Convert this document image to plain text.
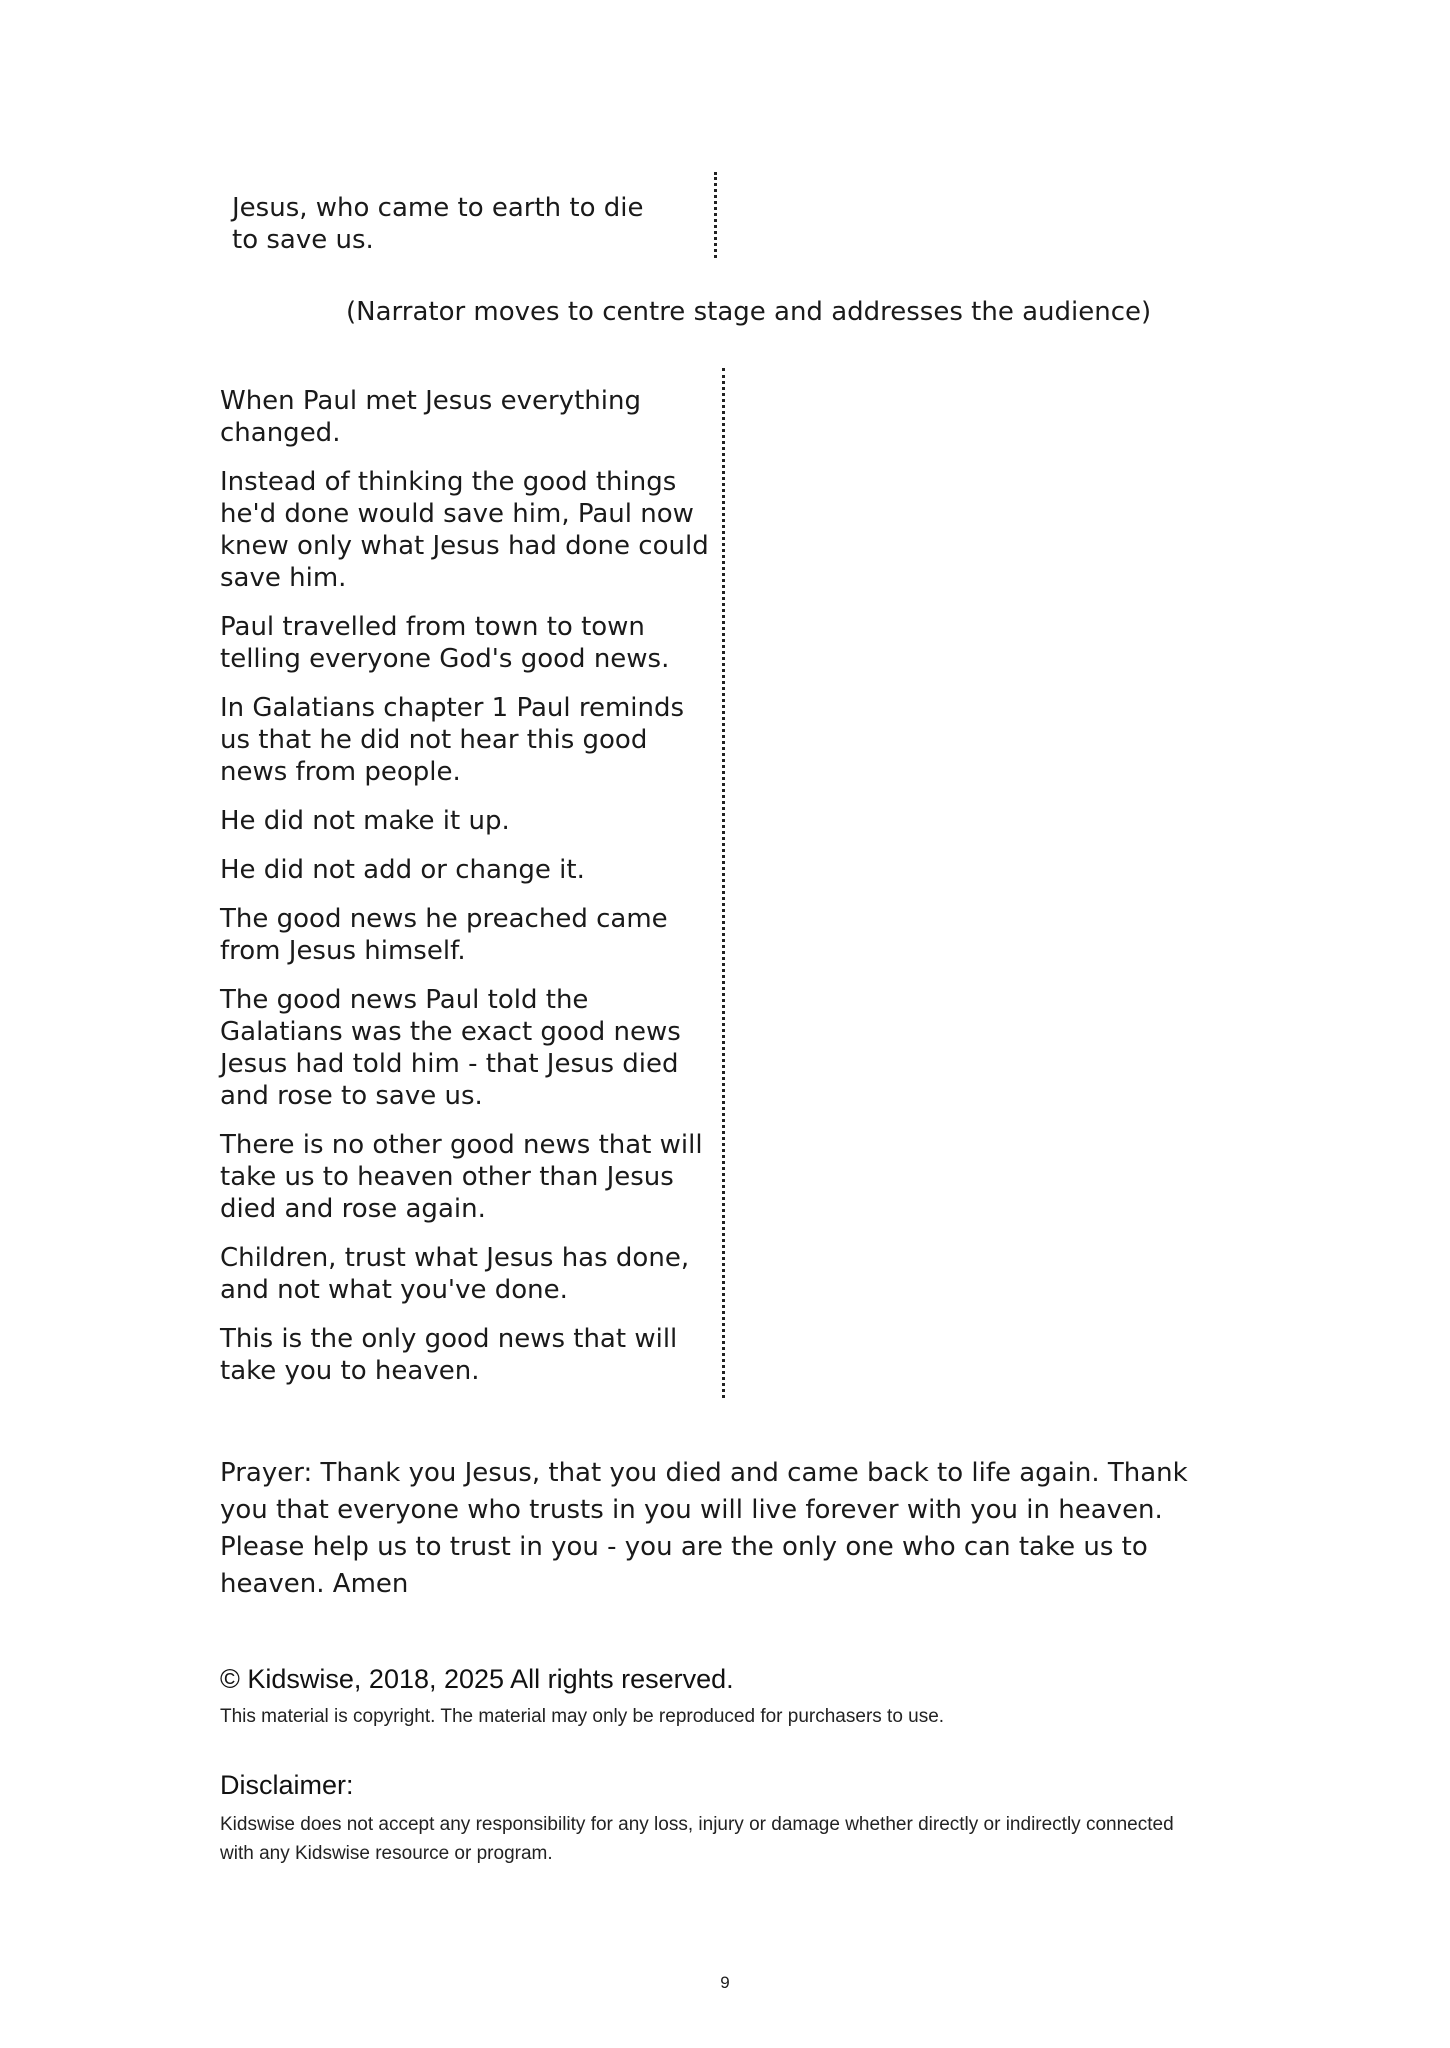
Jesus, who came to earth to die to save us.
(Narrator moves to centre stage and addresses the audience)

When Paul met Jesus everything changed.

Instead of thinking the good things he'd done would save him, Paul now knew only what Jesus had done could save him.

Paul travelled from town to town telling everyone God's good news.

In Galatians chapter 1 Paul reminds us that he did not hear this good news from people.

He did not make it up.

He did not add or change it.

The good news he preached came from Jesus himself.

The good news Paul told the Galatians was the exact good news Jesus had told him - that Jesus died and rose to save us.

There is no other good news that will take us to heaven other than Jesus died and rose again.

Children, trust what Jesus has done, and not what you've done.

This is the only good news that will take you to heaven.

Prayer: Thank you Jesus, that you died and came back to life again. Thank you that everyone who trusts in you will live forever with you in heaven. Please help us to trust in you - you are the only one who can take us to heaven. Amen
© Kidswise, 2018, 2025 All rights reserved.
This material is copyright. The material may only be reproduced for purchasers to use.
Disclaimer:
Kidswise does not accept any responsibility for any loss, injury or damage whether directly or indirectly connected with any Kidswise resource or program.
9
